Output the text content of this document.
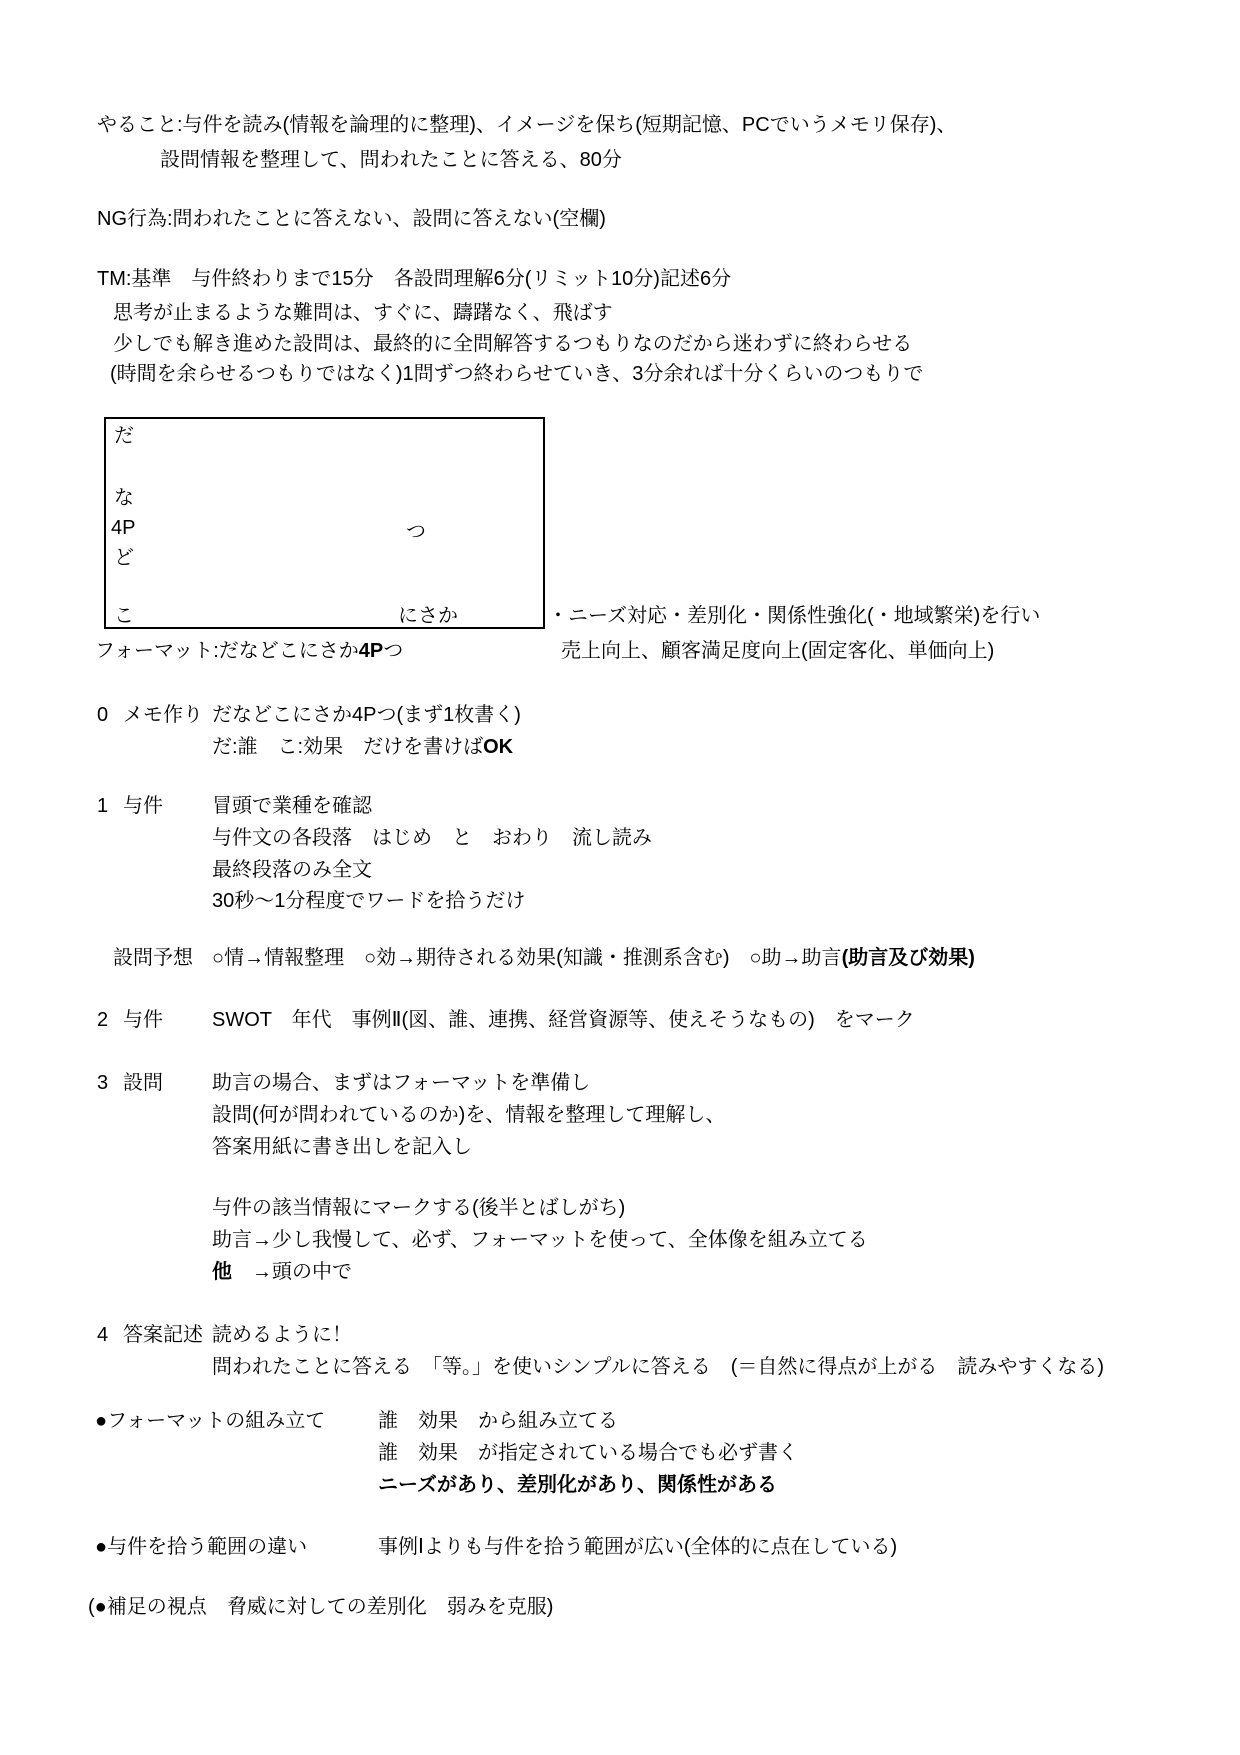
やること:与件を読み(情報を論理的に整理)、イメージを保ち(短期記憶、PCでいうメモリ保存)、
設問情報を整理して、問われたことに答える、80分
NG行為:問われたことに答えない、設問に答えない(空欄)
TM:基準　与件終わりまで15分　各設問理解6分(リミット10分)記述6分
思考が止まるような難問は、すぐに、躊躇なく、飛ばす
少しでも解き進めた設問は、最終的に全問解答するつもりなのだから迷わずに終わらせる
(時間を余らせるつもりではなく)1問ずつ終わらせていき、3分余れば十分くらいのつもりで
だ
な
4P
ど
こ
つ
にさか	・ニーズ対応・差別化・関係性強化(・地域繁栄)を行い
売上向上、顧客満足度向上(固定客化、単価向上)
フォーマット:だなどこにさか4Pつ
0 メモ作り だなどこにさか4Pつ(まず1枚書く)
だ:誰　こ:効果　だけを書けばOK
1 与件 冒頭で業種を確認
与件文の各段落　はじめ　と　おわり　流し読み
最終段落のみ全文
30秒～1分程度でワードを拾うだけ
設問予想 ○情→情報整理　○効→期待される効果(知識・推測系含む)　○助→助言(助言及び効果)
2 与件 SWOT　年代　事例Ⅱ(図、誰、連携、経営資源等、使えそうなもの)　をマーク
3 設問 助言の場合、まずはフォーマットを準備し
設問(何が問われているのか)を、情報を整理して理解し、
答案用紙に書き出しを記入し
与件の該当情報にマークする(後半とばしがち)
助言→少し我慢して、必ず、フォーマットを使って、全体像を組み立てる
他　→頭の中で
4 答案記述 読めるように！
問われたことに答える　「等。」を使いシンプルに答える　(＝自然に得点が上がる　読みやすくなる)
●フォーマットの組み立て	誰　効果　から組み立てる
誰　効果　が指定されている場合でも必ず書く
ニーズがあり、差別化があり、関係性がある
●与件を拾う範囲の違い	事例Ⅰよりも与件を拾う範囲が広い(全体的に点在している)
(●補足の視点　脅威に対しての差別化　弱みを克服)
